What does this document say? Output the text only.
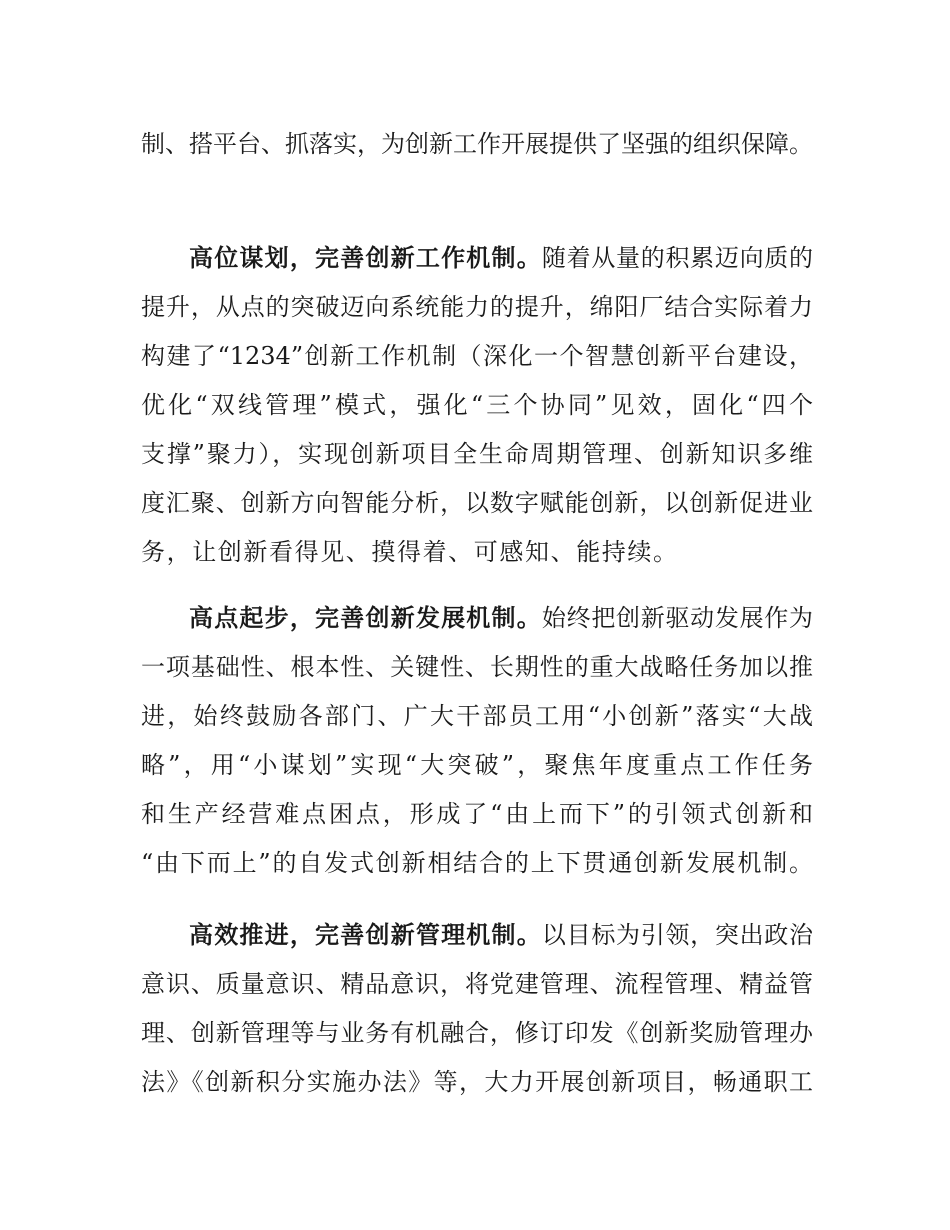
制、搭平台、抓落实，为创新工作开展提供了坚强的组织保障。
高位谋划，完善创新工作机制。随着从量的积累迈向质的
提升，从点的突破迈向系统能力的提升，绵阳厂结合实际着力
构建了“1234”创新工作机制（深化一个智慧创新平台建设，
优化“双线管理”模式，强化“三个协同”见效，固化“四个
支撑”聚力），实现创新项目全生命周期管理、创新知识多维
度汇聚、创新方向智能分析，以数字赋能创新，以创新促进业
务，让创新看得见、摸得着、可感知、能持续。
高点起步，完善创新发展机制。始终把创新驱动发展作为
一项基础性、根本性、关键性、长期性的重大战略任务加以推
进，始终鼓励各部门、广大干部员工用“小创新”落实“大战
略”，用“小谋划”实现“大突破”，聚焦年度重点工作任务
和生产经营难点困点，形成了“由上而下”的引领式创新和
“由下而上”的自发式创新相结合的上下贯通创新发展机制。
高效推进，完善创新管理机制。以目标为引领，突出政治
意识、质量意识、精品意识，将党建管理、流程管理、精益管
理、创新管理等与业务有机融合，修订印发《创新奖励管理办
法》《创新积分实施办法》等，大力开展创新项目，畅通职工
